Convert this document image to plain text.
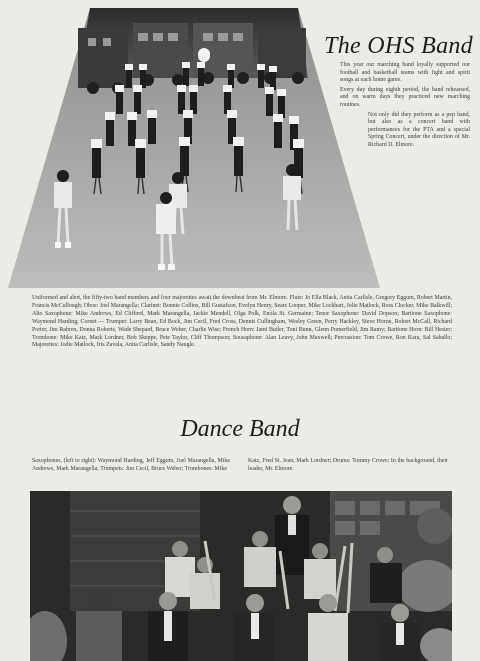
The OHS Band

This year our marching band loyally supported our football and basketball teams with fight and spirit songs at each home game.

Every day during eighth period, the band rehearsed, and on warm days they practiced new marching routines.

Not only did they perform as a pep band, but also as a concert band with performances for the PTA and a special Spring Concert, under the direction of Mr. Richard D. Elmore.

Uniformed and alert, the fifty-two band members and four majorettes await the downbeat from Mr. Elmore. Flute: Jo Ella Black, Anita Carlisle, Gregory Eggum, Robert Martin, Francis McCullough; Oboe: Joel Marangella; Clarinet: Bonnie Collins, Bill Gustafson, Evelyn Henry, Sears Looper, Mike Lockhart, Jolie Matlock, Ross Clocker, Mike Balkwill; Alto Saxophone: Mike Andrews, Ed Clifford, Mark Marangella, Jackie Mendell, Olga Polk, Enola St. Germaine; Tenor Saxophone: David Dopson; Baritone Saxophone: Waymond Harding; Cornet — Trumpet: Larry Bean, Ed Bock, Jim Cecil, Fred Cross, Dennis Cullingham, Wesley Green, Perry Hackley, Steve Horne, Robert McCall, Richard Porter, Jim Rabren, Donna Roberts, Wade Shepard, Bruce Weber, Charlie Wise; French Horn: Jami Butler, Toni Bunn, Glenn Pomerfield, Jim Ramy; Baritone Horn: Bill Hester; Trombone: Mike Katz, Mark Lordner, Bob Skeppe, Pete Taylor, Cliff Thompson; Sousaphone: Alan Leavy, John Maxwell; Percussion: Tom Crowe, Ron Kara, Sal Saballo; Majorettes: Jodie Matlock, Iris Zavala, Anita Carlisle, Sandy Naugle.

Dance Band

Saxophones, (left to right): Waymond Harding, Jeff Eggum, Joel Marangella, Mike Andrews, Mark Marangella; Trumpets: Jim Cecil, Bruce Weber; Trombones: Mike

Katz, Fred St. Jean, Mark Lordner; Drums: Tommy Crowe; In the background, their leader, Mr. Elmore.
